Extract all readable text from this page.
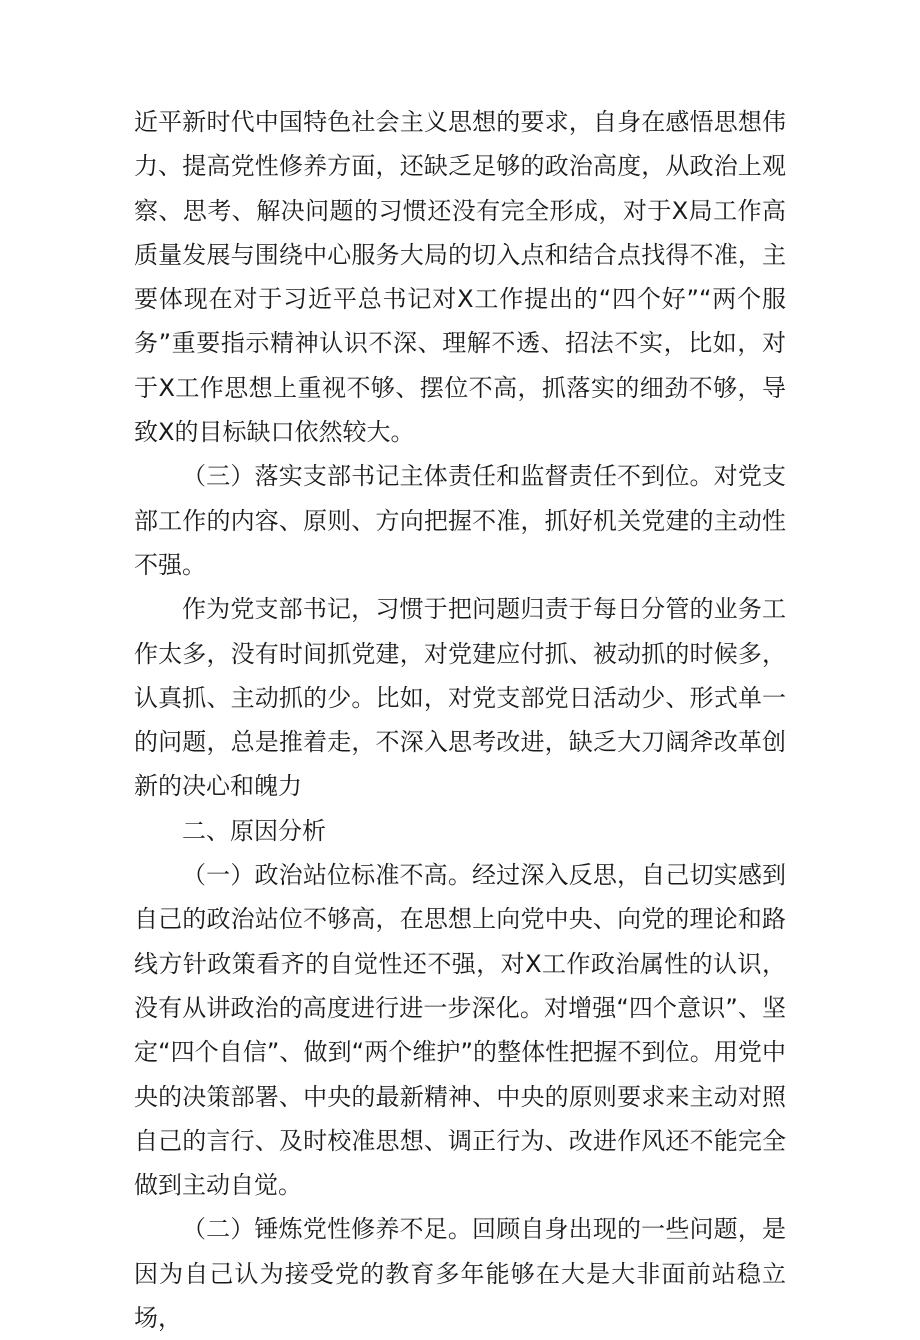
近平新时代中国特色社会主义思想的要求，自身在感悟思想伟力、提高党性修养方面，还缺乏足够的政治高度，从政治上观察、思考、解决问题的习惯还没有完全形成，对于X局工作高质量发展与围绕中心服务大局的切入点和结合点找得不准，主要体现在对于习近平总书记对X工作提出的“四个好”“两个服务”重要指示精神认识不深、理解不透、招法不实，比如，对于X工作思想上重视不够、摆位不高，抓落实的细劲不够，导致X的目标缺口依然较大。

（三）落实支部书记主体责任和监督责任不到位。对党支部工作的内容、原则、方向把握不准，抓好机关党建的主动性不强。

作为党支部书记，习惯于把问题归责于每日分管的业务工作太多，没有时间抓党建，对党建应付抓、被动抓的时候多，认真抓、主动抓的少。比如，对党支部党日活动少、形式单一的问题，总是推着走，不深入思考改进，缺乏大刀阔斧改革创新的决心和魄力

二、原因分析

（一）政治站位标准不高。经过深入反思，自己切实感到自己的政治站位不够高，在思想上向党中央、向党的理论和路线方针政策看齐的自觉性还不强，对X工作政治属性的认识，没有从讲政治的高度进行进一步深化。对增强“四个意识”、坚定“四个自信”、做到“两个维护”的整体性把握不到位。用党中央的决策部署、中央的最新精神、中央的原则要求来主动对照自己的言行、及时校准思想、调正行为、改进作风还不能完全做到主动自觉。

（二）锤炼党性修养不足。回顾自身出现的一些问题，是因为自己认为接受党的教育多年能够在大是大非面前站稳立场，
